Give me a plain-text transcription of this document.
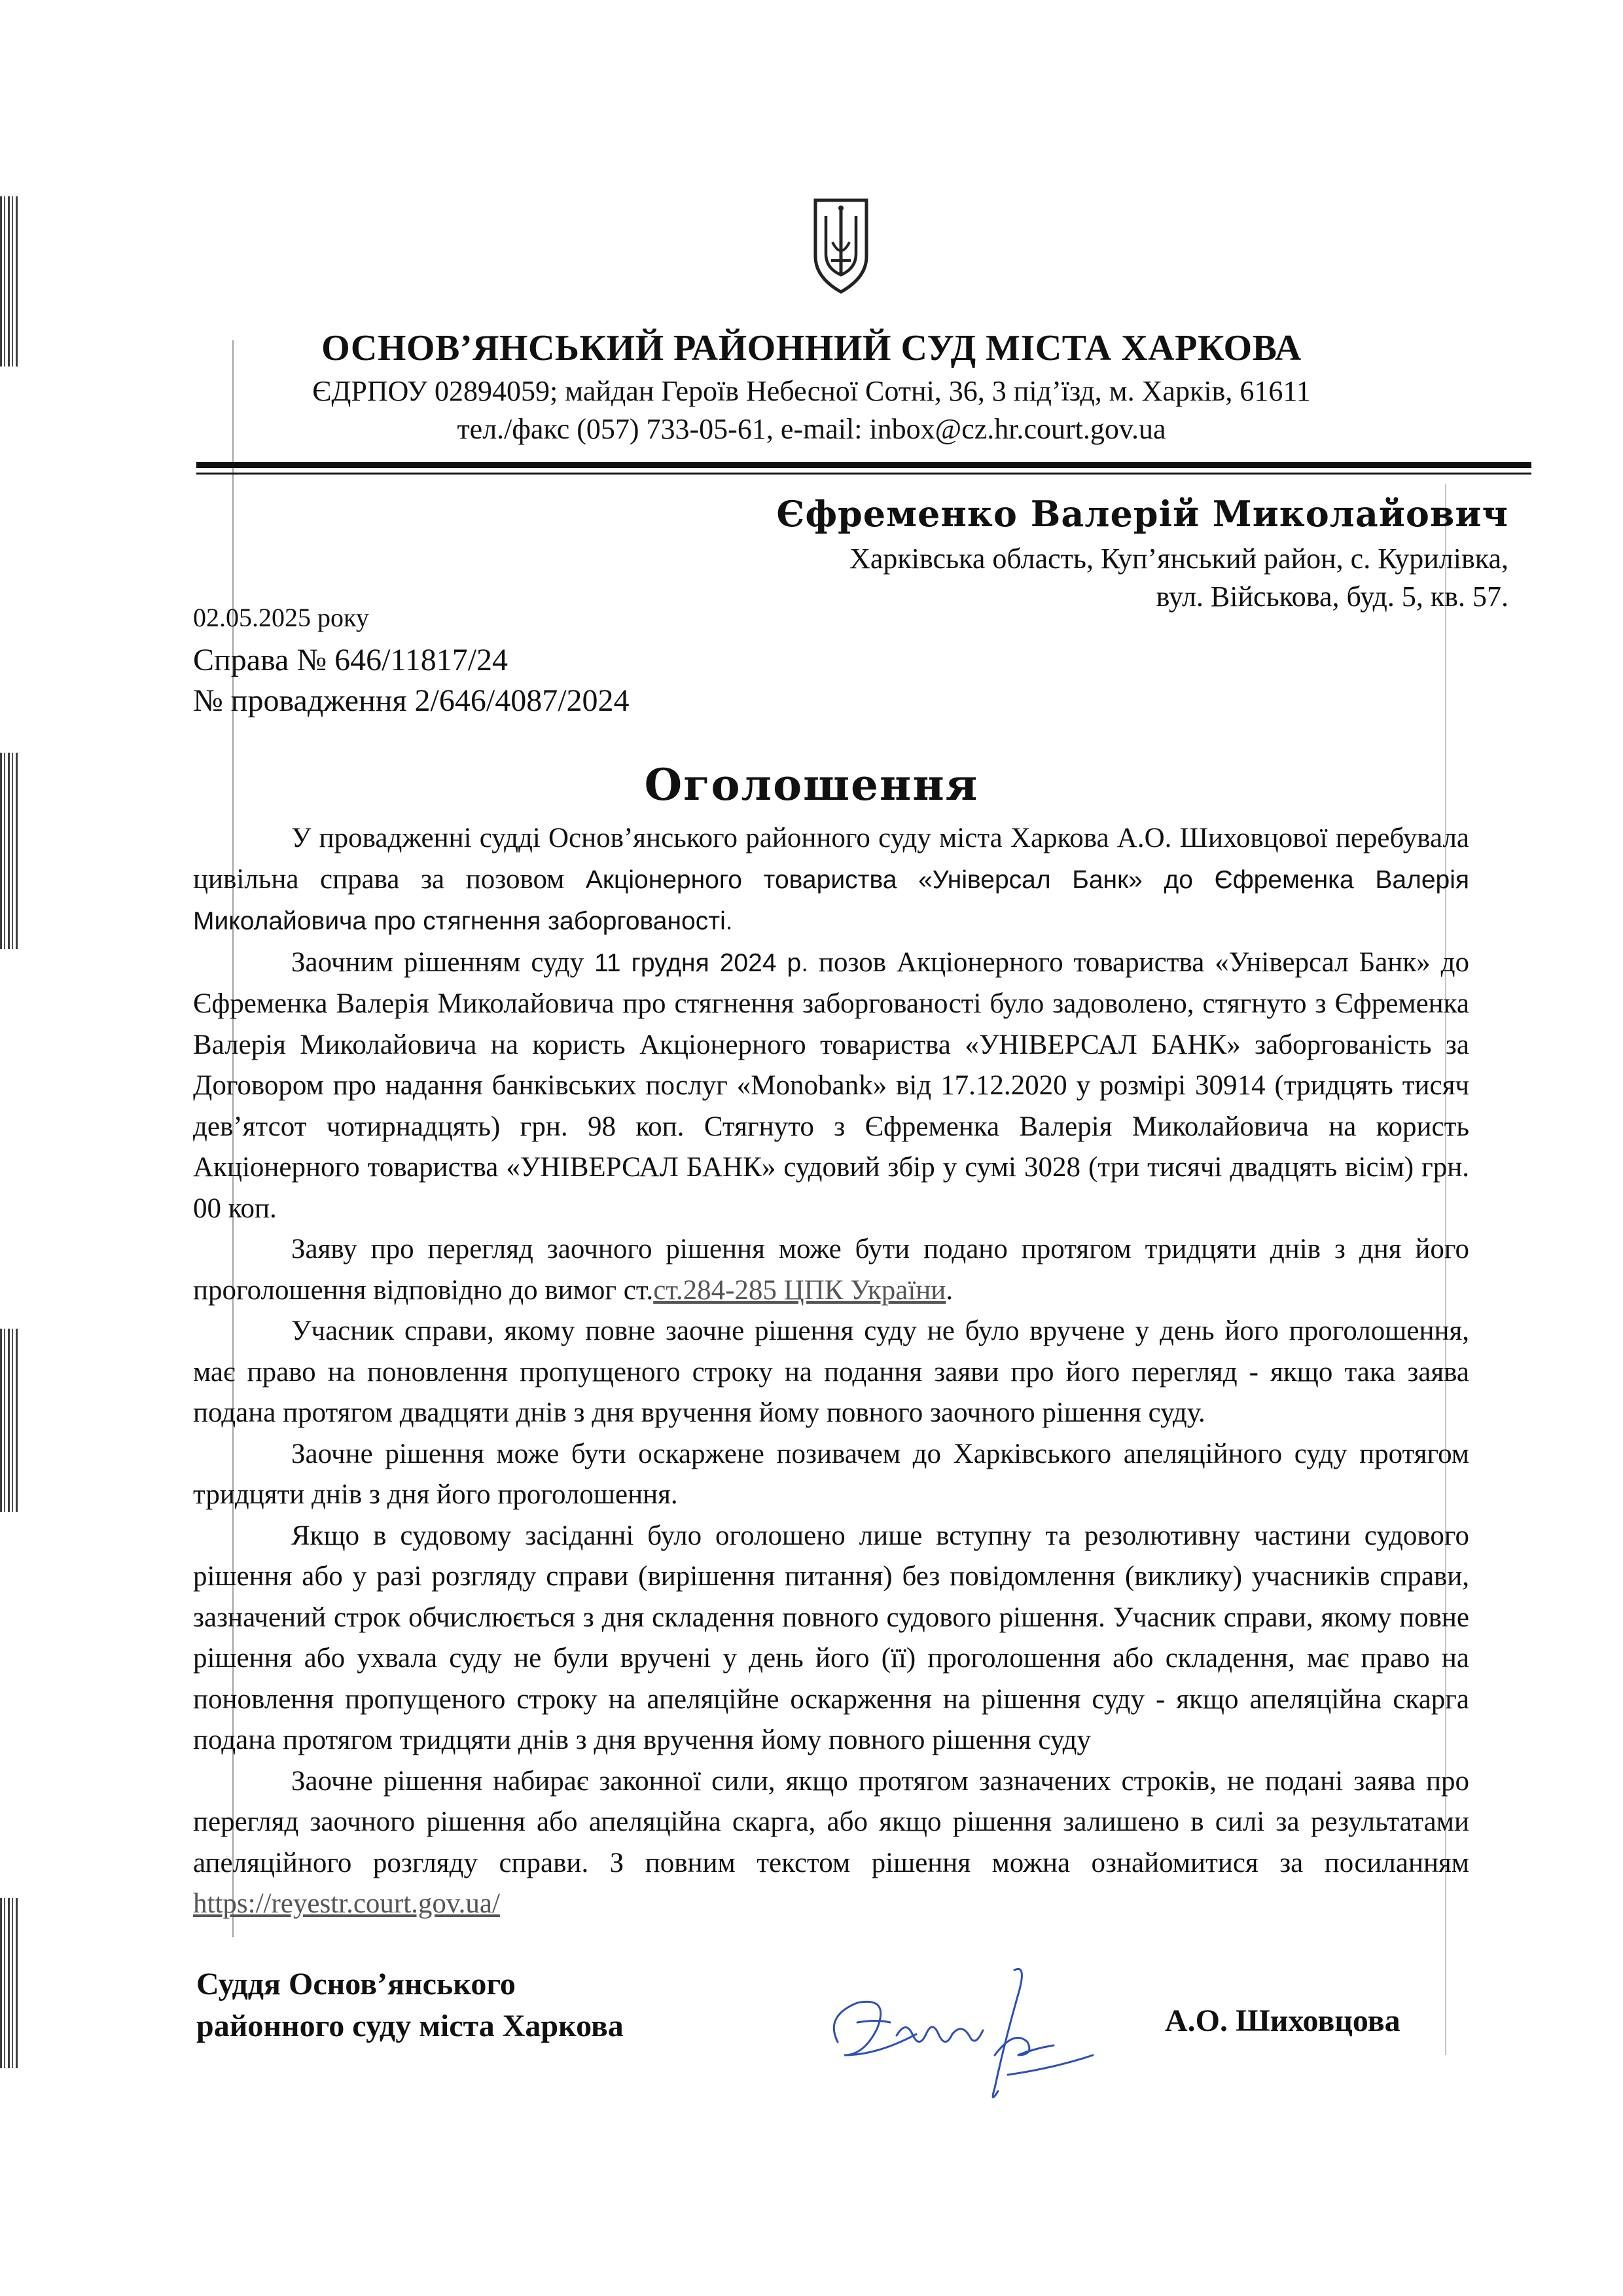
ОСНОВ’ЯНСЬКИЙ РАЙОННИЙ СУД МІСТА ХАРКОВА
ЄДРПОУ 02894059; майдан Героїв Небесної Сотні, 36, 3 під’їзд, м. Харків, 61611
тел./факс (057) 733-05-61, e-mail: inbox@cz.hr.court.gov.ua
Єфременко Валерій Миколайович
Харківська область, Куп’янський район, с. Курилівка,
вул. Військова, буд. 5, кв. 57.
02.05.2025 року
Справа № 646/11817/24
№ провадження 2/646/4087/2024
Оголошення

У провадженні судді Основ’янського районного суду міста Харкова А.О. Шиховцової перебувала цивільна справа за позовом Акціонерного товариства «Універсал Банк» до Єфременка Валерія Миколайовича про стягнення заборгованості.

Заочним рішенням суду 11 грудня 2024 р. позов Акціонерного товариства «Універсал Банк» до Єфременка Валерія Миколайовича про стягнення заборгованості було задоволено, стягнуто з Єфременка Валерія Миколайовича на користь Акціонерного товариства «УНІВЕРСАЛ БАНК» заборгованість за Договором про надання банківських послуг «Monobank» від 17.12.2020 у розмірі 30914 (тридцять тисяч дев’ятсот чотирнадцять) грн. 98 коп. Стягнуто з Єфременка Валерія Миколайовича на користь Акціонерного товариства «УНІВЕРСАЛ БАНК» судовий збір у сумі 3028 (три тисячі двадцять вісім) грн. 00 коп.

Заяву про перегляд заочного рішення може бути подано протягом тридцяти днів з дня його проголошення відповідно до вимог ст.ст.284-285 ЦПК України.

Учасник справи, якому повне заочне рішення суду не було вручене у день його проголошення, має право на поновлення пропущеного строку на подання заяви про його перегляд - якщо така заява подана протягом двадцяти днів з дня вручення йому повного заочного рішення суду.

Заочне рішення може бути оскаржене позивачем до Харківського апеляційного суду протягом тридцяти днів з дня його проголошення.

Якщо в судовому засіданні було оголошено лише вступну та резолютивну частини судового рішення або у разі розгляду справи (вирішення питання) без повідомлення (виклику) учасників справи, зазначений строк обчислюється з дня складення повного судового рішення. Учасник справи, якому повне рішення або ухвала суду не були вручені у день його (її) проголошення або складення, має право на поновлення пропущеного строку на апеляційне оскарження на рішення суду - якщо апеляційна скарга подана протягом тридцяти днів з дня вручення йому повного рішення суду

Заочне рішення набирає законної сили, якщо протягом зазначених строків, не подані заява про перегляд заочного рішення або апеляційна скарга, або якщо рішення залишено в силі за результатами апеляційного розгляду справи. З повним текстом рішення можна ознайомитися за посиланням https://reyestr.court.gov.ua/

Суддя Основ’янського
районного суду міста Харкова	А.О. Шиховцова
